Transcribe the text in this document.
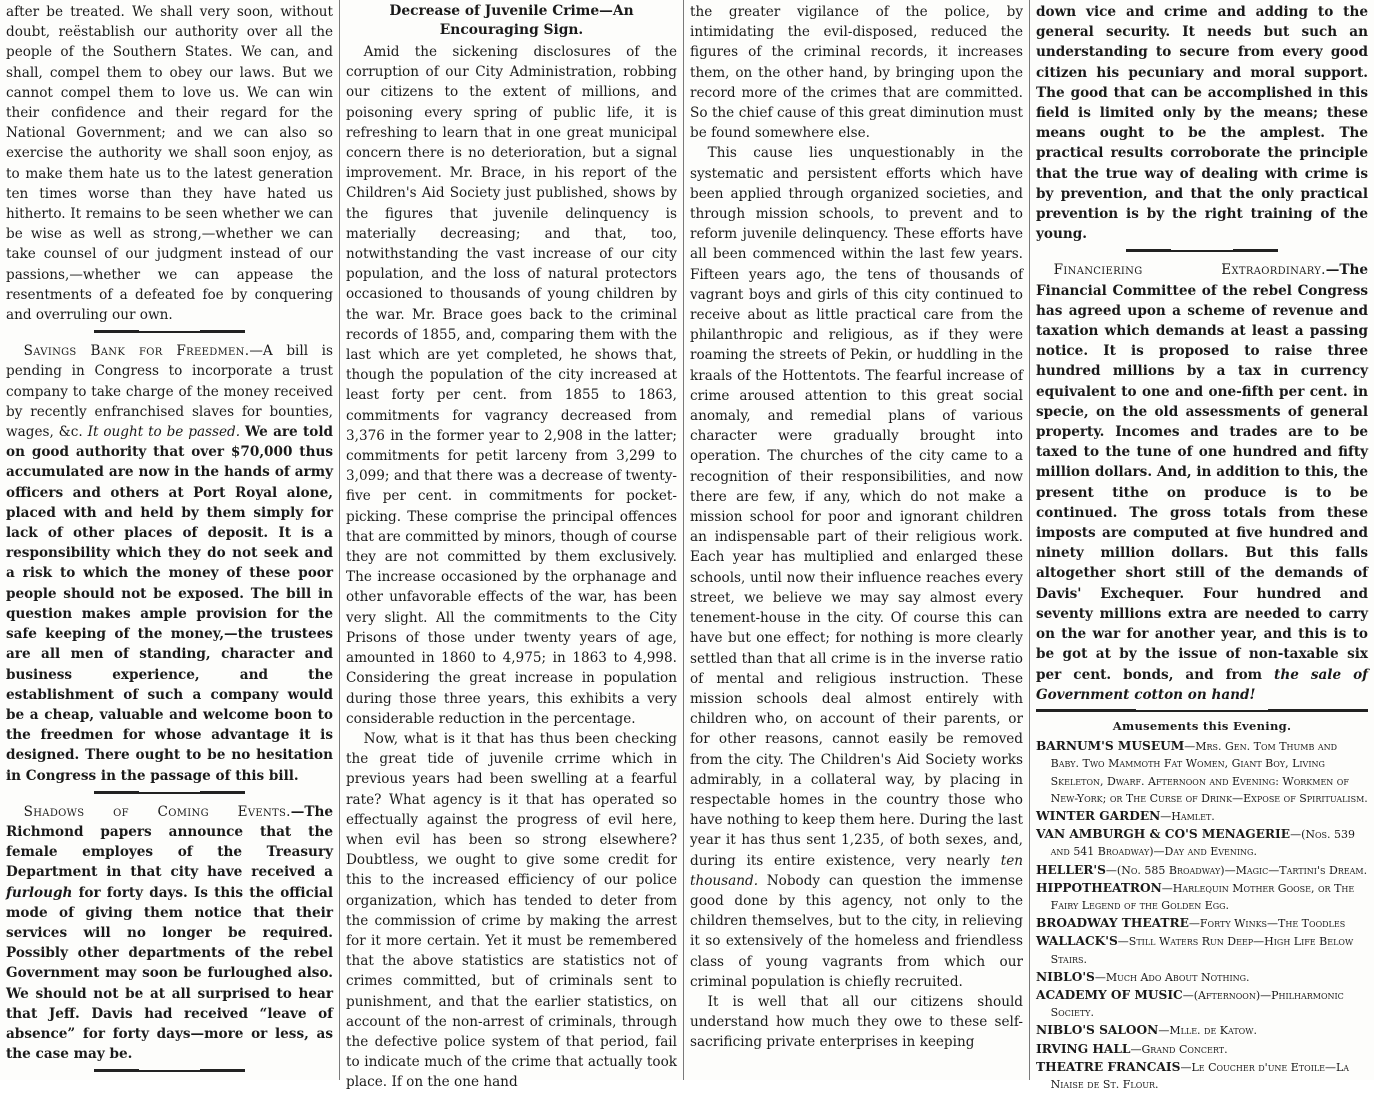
after be treated. We shall very soon, without doubt, reëstablish our authority over all the people of the Southern States. We can, and shall, compel them to obey our laws. But we cannot compel them to love us. We can win their confidence and their regard for the National Government; and we can also so exercise the authority we shall soon enjoy, as to make them hate us to the latest generation ten times worse than they have hated us hitherto. It remains to be seen whether we can be wise as well as strong,—whether we can take counsel of our judgment instead of our passions,—whether we can appease the resentments of a defeated foe by conquering and overruling our own.

Savings Bank for Freedmen.—A bill is pending in Congress to incorporate a trust company to take charge of the money received by recently enfranchised slaves for bounties, wages, &c. It ought to be passed. We are told on good authority that over $70,000 thus accumulated are now in the hands of army officers and others at Port Royal alone, placed with and held by them simply for lack of other places of deposit. It is a responsibility which they do not seek and a risk to which the money of these poor people should not be exposed. The bill in question makes ample provision for the safe keeping of the money,—the trustees are all men of standing, character and business experience, and the establishment of such a company would be a cheap, valuable and welcome boon to the freedmen for whose advantage it is designed. There ought to be no hesitation in Congress in the passage of this bill.

Shadows of Coming Events.—The Richmond papers announce that the female employes of the Treasury Department in that city have received a furlough for forty days. Is this the official mode of giving them notice that their services will no longer be required. Possibly other departments of the rebel Government may soon be furloughed also. We should not be at all surprised to hear that Jeff. Davis had received “leave of absence” for forty days—more or less, as the case may be.

Decrease of Juvenile Crime—An Encouraging Sign.

Amid the sickening disclosures of the corruption of our City Administration, robbing our citizens to the extent of millions, and poisoning every spring of public life, it is refreshing to learn that in one great municipal concern there is no deterioration, but a signal improvement. Mr. Brace, in his report of the Children's Aid Society just published, shows by the figures that juvenile delinquency is materially decreasing; and that, too, notwithstanding the vast increase of our city population, and the loss of natural protectors occasioned to thousands of young children by the war. Mr. Brace goes back to the criminal records of 1855, and, comparing them with the last which are yet completed, he shows that, though the population of the city increased at least forty per cent. from 1855 to 1863, commitments for vagrancy decreased from 3,376 in the former year to 2,908 in the latter; commitments for petit larceny from 3,299 to 3,099; and that there was a decrease of twenty-five per cent. in commitments for pocket-picking. These comprise the principal offences that are committed by minors, though of course they are not committed by them exclusively. The increase occasioned by the orphanage and other unfavorable effects of the war, has been very slight. All the commitments to the City Prisons of those under twenty years of age, amounted in 1860 to 4,975; in 1863 to 4,998. Considering the great increase in population during those three years, this exhibits a very considerable reduction in the percentage.

Now, what is it that has thus been checking the great tide of juvenile crrime which in previous years had been swelling at a fearful rate? What agency is it that has operated so effectually against the progress of evil here, when evil has been so strong elsewhere? Doubtless, we ought to give some credit for this to the increased efficiency of our police organization, which has tended to deter from the commission of crime by making the arrest for it more certain. Yet it must be remembered that the above statistics are statistics not of crimes committed, but of criminals sent to punishment, and that the earlier statistics, on account of the non-arrest of criminals, through the defective police system of that period, fail to indicate much of the crime that actually took place. If on the one hand

the greater vigilance of the police, by intimidating the evil-disposed, reduced the figures of the criminal records, it increases them, on the other hand, by bringing upon the record more of the crimes that are committed. So the chief cause of this great diminution must be found somewhere else.

This cause lies unquestionably in the systematic and persistent efforts which have been applied through organized societies, and through mission schools, to prevent and to reform juvenile delinquency. These efforts have all been commenced within the last few years. Fifteen years ago, the tens of thousands of vagrant boys and girls of this city continued to receive about as little practical care from the philanthropic and religious, as if they were roaming the streets of Pekin, or huddling in the kraals of the Hottentots. The fearful increase of crime aroused attention to this great social anomaly, and remedial plans of various character were gradually brought into operation. The churches of the city came to a recognition of their responsibilities, and now there are few, if any, which do not make a mission school for poor and ignorant children an indispensable part of their religious work. Each year has multiplied and enlarged these schools, until now their influence reaches every street, we believe we may say almost every tenement-house in the city. Of course this can have but one effect; for nothing is more clearly settled than that all crime is in the inverse ratio of mental and religious instruction. These mission schools deal almost entirely with children who, on account of their parents, or for other reasons, cannot easily be removed from the city. The Children's Aid Society works admirably, in a collateral way, by placing in respectable homes in the country those who have nothing to keep them here. During the last year it has thus sent 1,235, of both sexes, and, during its entire existence, very nearly ten thousand. Nobody can question the immense good done by this agency, not only to the children themselves, but to the city, in relieving it so extensively of the homeless and friendless class of young vagrants from which our criminal population is chiefly recruited.

It is well that all our citizens should understand how much they owe to these self-sacrificing private enterprises in keeping

down vice and crime and adding to the general security. It needs but such an understanding to secure from every good citizen his pecuniary and moral support. The good that can be accomplished in this field is limited only by the means; these means ought to be the amplest. The practical results corroborate the principle that the true way of dealing with crime is by prevention, and that the only practical prevention is by the right training of the young.

Financiering Extraordinary.—The Financial Committee of the rebel Congress has agreed upon a scheme of revenue and taxation which demands at least a passing notice. It is proposed to raise three hundred millions by a tax in currency equivalent to one and one-fifth per cent. in specie, on the old assessments of general property. Incomes and trades are to be taxed to the tune of one hundred and fifty million dollars. And, in addition to this, the present tithe on produce is to be continued. The gross totals from these imposts are computed at five hundred and ninety million dollars. But this falls altogether short still of the demands of Davis' Exchequer. Four hundred and seventy millions extra are needed to carry on the war for another year, and this is to be got at by the issue of non-taxable six per cent. bonds, and from the sale of Government cotton on hand!

Amusements this Evening.

BARNUM'S MUSEUM—Mrs. Gen. Tom Thumb and Baby. Two Mammoth Fat Women, Giant Boy, Living Skeleton, Dwarf. Afternoon and Evening: Workmen of New-York; or The Curse of Drink—Expose of Spiritualism.

WINTER GARDEN—Hamlet.

VAN AMBURGH & CO'S MENAGERIE—(Nos. 539 and 541 Broadway)—Day and Evening.

HELLER'S—(No. 585 Broadway)—Magic—Tartini's Dream.

HIPPOTHEATRON—Harlequin Mother Goose, or The Fairy Legend of the Golden Egg.

BROADWAY THEATRE—Forty Winks—The Toodles

WALLACK'S—Still Waters Run Deep—High Life Below Stairs.

NIBLO'S—Much Ado About Nothing.

ACADEMY OF MUSIC—(Afternoon)—Philharmonic Society.

NIBLO'S SALOON—Mlle. de Katow.

IRVING HALL—Grand Concert.

THEATRE FRANCAIS—Le Coucher d'une Etoile—La Niaise de St. Flour.
